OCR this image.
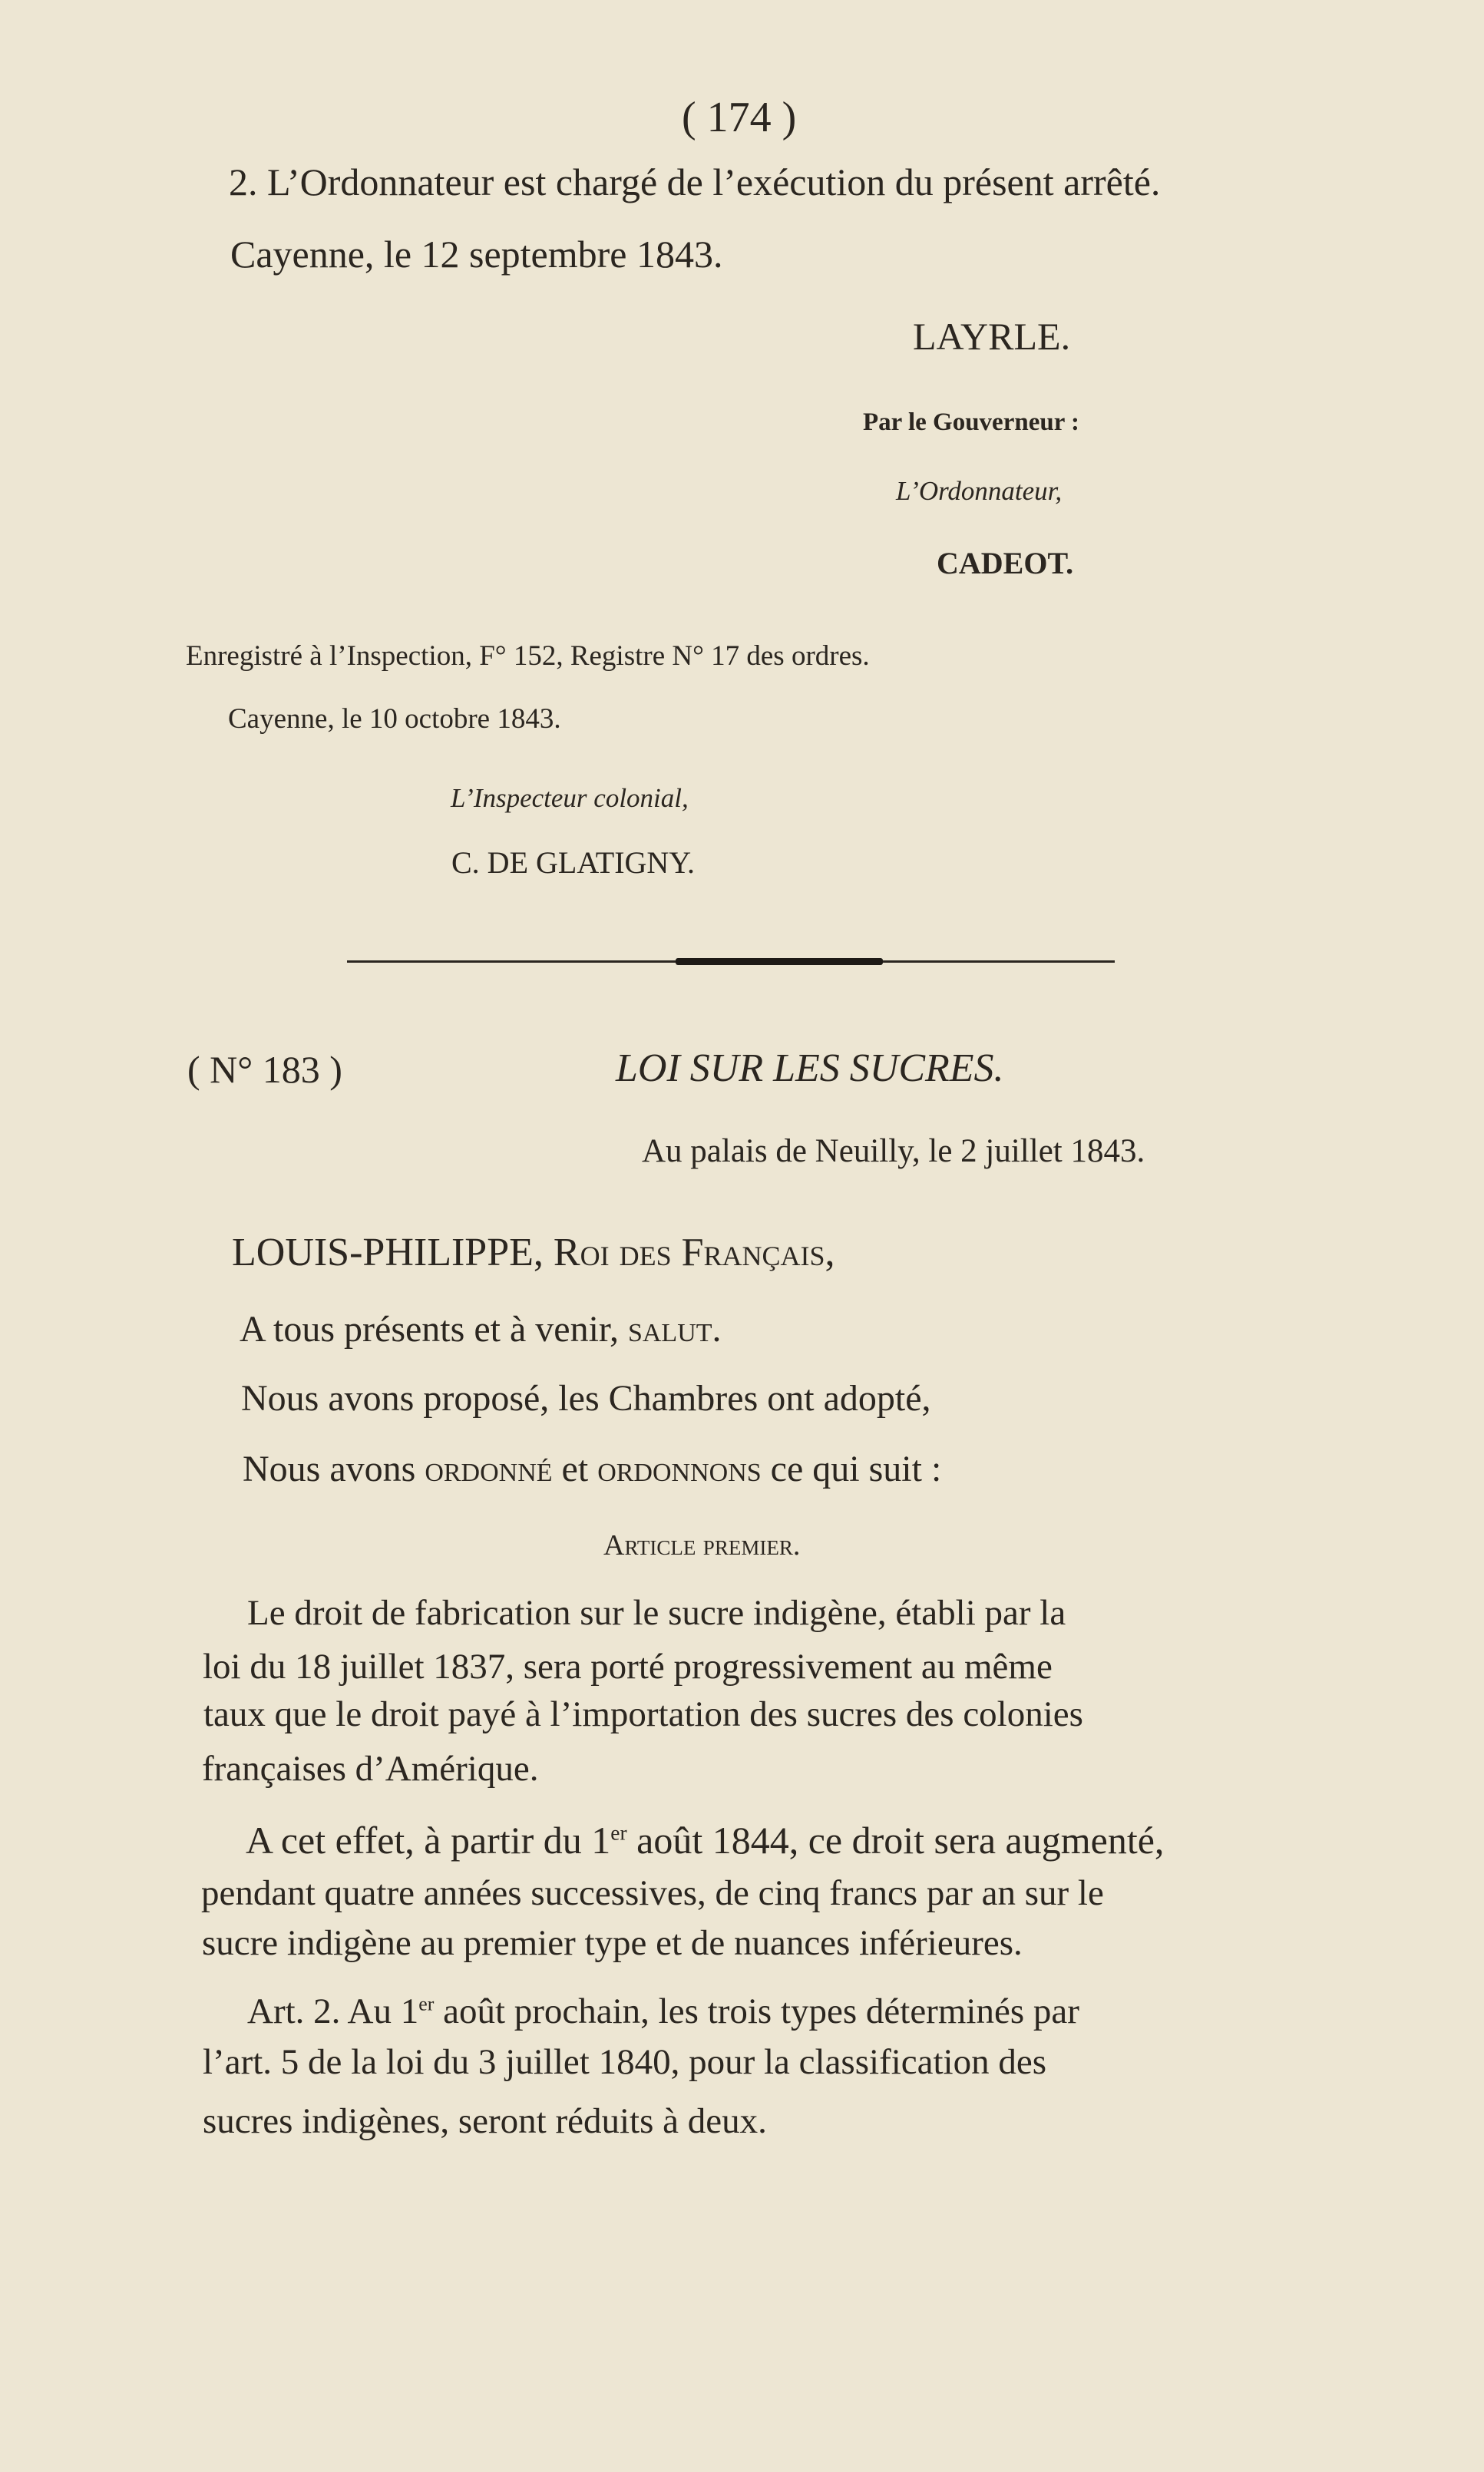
( 174 )
2. L’Ordonnateur est chargé de l’exécution du présent arrêté.
Cayenne, le 12 septembre 1843.
LAYRLE.
Par le Gouverneur :
L’Ordonnateur,
CADEOT.
Enregistré à l’Inspection, F° 152, Registre N° 17 des ordres.
Cayenne, le 10 octobre 1843.
L’Inspecteur colonial,
C. DE GLATIGNY.
( N° 183 )	LOI SUR LES SUCRES.
Au palais de Neuilly, le 2 juillet 1843.
LOUIS-PHILIPPE, Roi des Français,
A tous présents et à venir, salut.
Nous avons proposé, les Chambres ont adopté,
Nous avons ordonné et ordonnons ce qui suit :
Article premier.
Le droit de fabrication sur le sucre indigène, établi par la
loi du 18 juillet 1837, sera porté progressivement au même
taux que le droit payé à l’importation des sucres des colonies
françaises d’Amérique.
A cet effet, à partir du 1er août 1844, ce droit sera augmenté,
pendant quatre années successives, de cinq francs par an sur le
sucre indigène au premier type et de nuances inférieures.
Art. 2. Au 1er août prochain, les trois types déterminés par
l’art. 5 de la loi du 3 juillet 1840, pour la classification des
sucres indigènes, seront réduits à deux.
